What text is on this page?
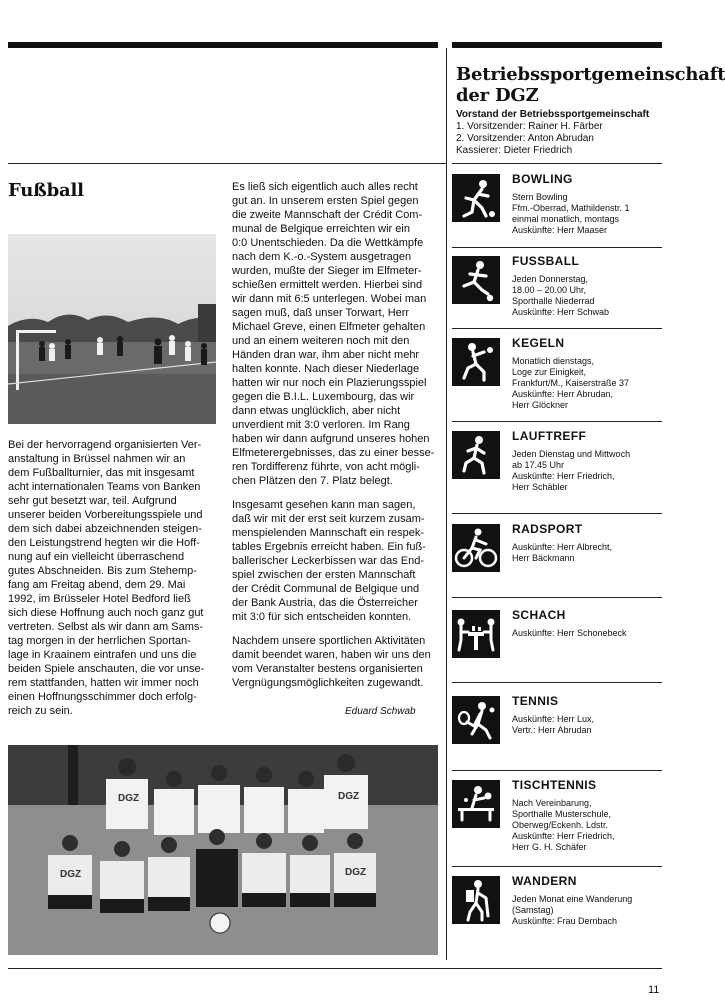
Betriebssportgemeinschaft der DGZ
Vorstand der Betriebssportgemeinschaft
1. Vorsitzender: Rainer H. Färber
2. Vorsitzender: Anton Abrudan
Kassierer: Dieter Friedrich
BOWLING
Stern Bowling
Ffm.-Oberrad, Mathildenstr. 1
einmal monatlich, montags
Auskünfte: Herr Maaser
FUSSBALL
Jeden Donnerstag,
18.00 – 20.00 Uhr,
Sporthalle Niederrad
Auskünfte: Herr Schwab
KEGELN
Monatlich dienstags,
Loge zur Einigkeit,
Frankfurt/M., Kaiserstraße 37
Auskünfte: Herr Abrudan,
Herr Glöckner
LAUFTREFF
Jeden Dienstag und Mittwoch
ab 17.45 Uhr
Auskünfte: Herr Friedrich,
Herr Schäbler
RADSPORT
Auskünfte: Herr Albrecht,
Herr Bäckmann
SCHACH
Auskünfte: Herr Schonebeck
TENNIS
Auskünfte: Herr Lux,
Vertr.: Herr Abrudan
TISCHTENNIS
Nach Vereinbarung,
Sporthalle Musterschule,
Oberweg/Eckenh. Ldstr.
Auskünfte: Herr Friedrich,
Herr G. H. Schäfer
WANDERN
Jeden Monat eine Wanderung
(Samstag)
Auskünfte: Frau Dernbach
Fußball
Bei der hervorragend organisierten Ver-
anstaltung in Brüssel nahmen wir an
dem Fußballturnier, das mit insgesamt
acht internationalen Teams von Banken
sehr gut besetzt war, teil. Aufgrund
unserer beiden Vorbereitungsspiele und
dem sich dabei abzeichnenden steigen-
den Leistungstrend hegten wir die Hoff-
nung auf ein vielleicht überraschend
gutes Abschneiden. Bis zum Stehemp-
fang am Freitag abend, dem 29. Mai
1992, im Brüsseler Hotel Bedford ließ
sich diese Hoffnung auch noch ganz gut
vertreten. Selbst als wir dann am Sams-
tag morgen in der herrlichen Sportan-
lage in Kraainem eintrafen und uns die
beiden Spiele anschauten, die vor unse-
rem stattfanden, hatten wir immer noch
einen Hoffnungsschimmer doch erfolg-
reich zu sein.
Es ließ sich eigentlich auch alles recht
gut an. In unserem ersten Spiel gegen
die zweite Mannschaft der Crédit Com-
munal de Belgique erreichten wir ein
0:0 Unentschieden. Da die Wettkämpfe
nach dem K.-o.-System ausgetragen
wurden, mußte der Sieger im Elfmeter-
schießen ermittelt werden. Hierbei sind
wir dann mit 6:5 unterlegen. Wobei man
sagen muß, daß unser Torwart, Herr
Michael Greve, einen Elfmeter gehalten
und an einem weiteren noch mit den
Händen dran war, ihm aber nicht mehr
halten konnte. Nach dieser Niederlage
hatten wir nur noch ein Plazierungsspiel
gegen die B.I.L. Luxembourg, das wir
dann etwas unglücklich, aber nicht
unverdient mit 3:0 verloren. Im Rang
haben wir dann aufgrund unseres hohen
Elfmeterergebnisses, das zu einer besse-
ren Tordifferenz führte, von acht mögli-
chen Plätzen den 7. Platz belegt.
Insgesamt gesehen kann man sagen,
daß wir mit der erst seit kurzem zusam-
menspielenden Mannschaft ein respek-
tables Ergebnis erreicht haben. Ein fuß-
ballerischer Leckerbissen war das End-
spiel zwischen der ersten Mannschaft
der Crédit Communal de Belgique und
der Bank Austria, das die Österreicher
mit 3:0 für sich entscheiden konnten.
Nachdem unsere sportlichen Aktivitäten
damit beendet waren, haben wir uns den
vom Veranstalter bestens organisierten
Vergnügungsmöglichkeiten zugewandt.
Eduard Schwab
DGZ	DGZ
DGZ	DGZ
11
